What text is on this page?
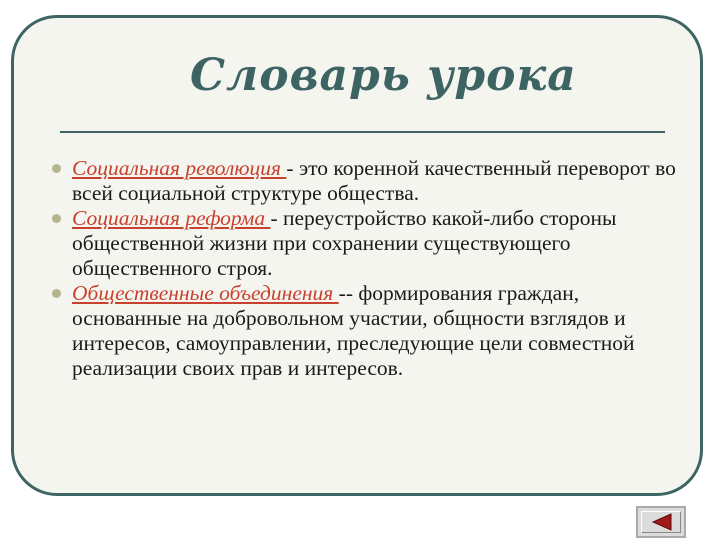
Словарь урока
Социальная революция - это коренной качественный переворот во всей социальной структуре общества.
Социальная реформа - переустройство какой-либо стороны общественной жизни при сохранении существующего общественного строя.
Общественные объединения -- формирования граждан, основанные на добровольном участии, общности взглядов и интересов, самоуправлении, преследующие цели совместной реализации своих прав и интересов.
